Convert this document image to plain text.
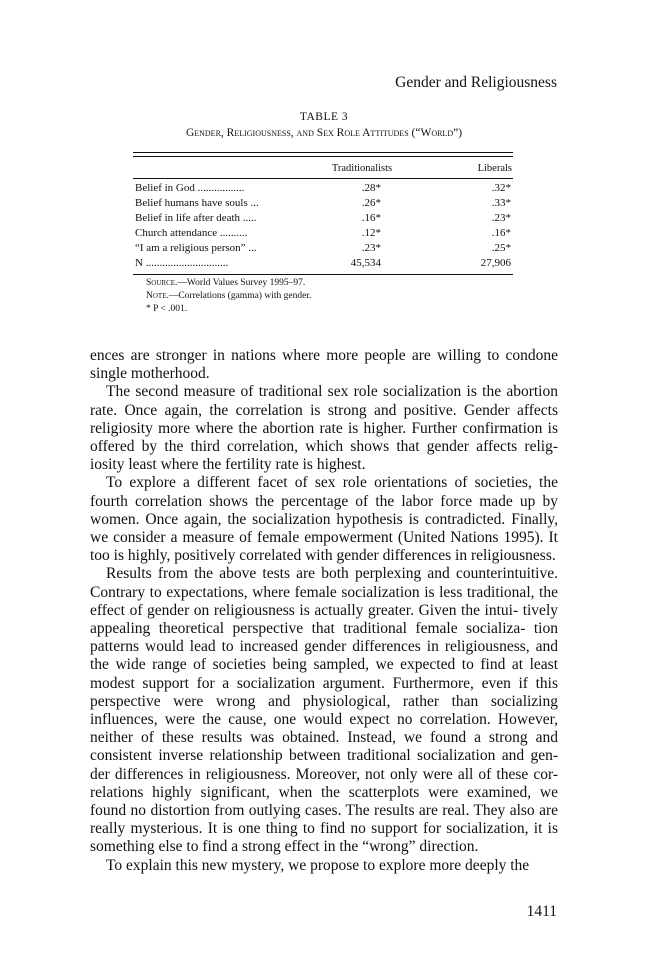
Gender and Religiousness
TABLE 3
Gender, Religiousness, and Sex Role Attitudes (“World”)
Traditionalists	Liberals
Belief in God .................	.28*	.32*
Belief humans have souls ...	.26*	.33*
Belief in life after death .....	.16*	.23*
Church attendance ..........	.12*	.16*
“I am a religious person” ...	.23*	.25*
N ..............................	45,534	27,906
Source.—World Values Survey 1995–97.
Note.—Correlations (gamma) with gender.
* P < .001.

ences are stronger in nations where more people are willing to condone single motherhood.

The second measure of traditional sex role socialization is the abortion rate. Once again, the correlation is strong and positive. Gender affects religiosity more where the abortion rate is higher. Further confirmation is offered by the third correlation, which shows that gender affects relig- iosity least where the fertility rate is highest.

To explore a different facet of sex role orientations of societies, the fourth correlation shows the percentage of the labor force made up by women. Once again, the socialization hypothesis is contradicted. Finally, we consider a measure of female empowerment (United Nations 1995). It too is highly, positively correlated with gender differences in religiousness.

Results from the above tests are both perplexing and counterintuitive. Contrary to expectations, where female socialization is less traditional, the effect of gender on religiousness is actually greater. Given the intui- tively appealing theoretical perspective that traditional female socializa- tion patterns would lead to increased gender differences in religiousness, and the wide range of societies being sampled, we expected to find at least modest support for a socialization argument. Furthermore, even if this perspective were wrong and physiological, rather than socializing influences, were the cause, one would expect no correlation. However, neither of these results was obtained. Instead, we found a strong and consistent inverse relationship between traditional socialization and gen- der differences in religiousness. Moreover, not only were all of these cor- relations highly significant, when the scatterplots were examined, we found no distortion from outlying cases. The results are real. They also are really mysterious. It is one thing to find no support for socialization, it is something else to find a strong effect in the “wrong” direction.

To explain this new mystery, we propose to explore more deeply the

1411
